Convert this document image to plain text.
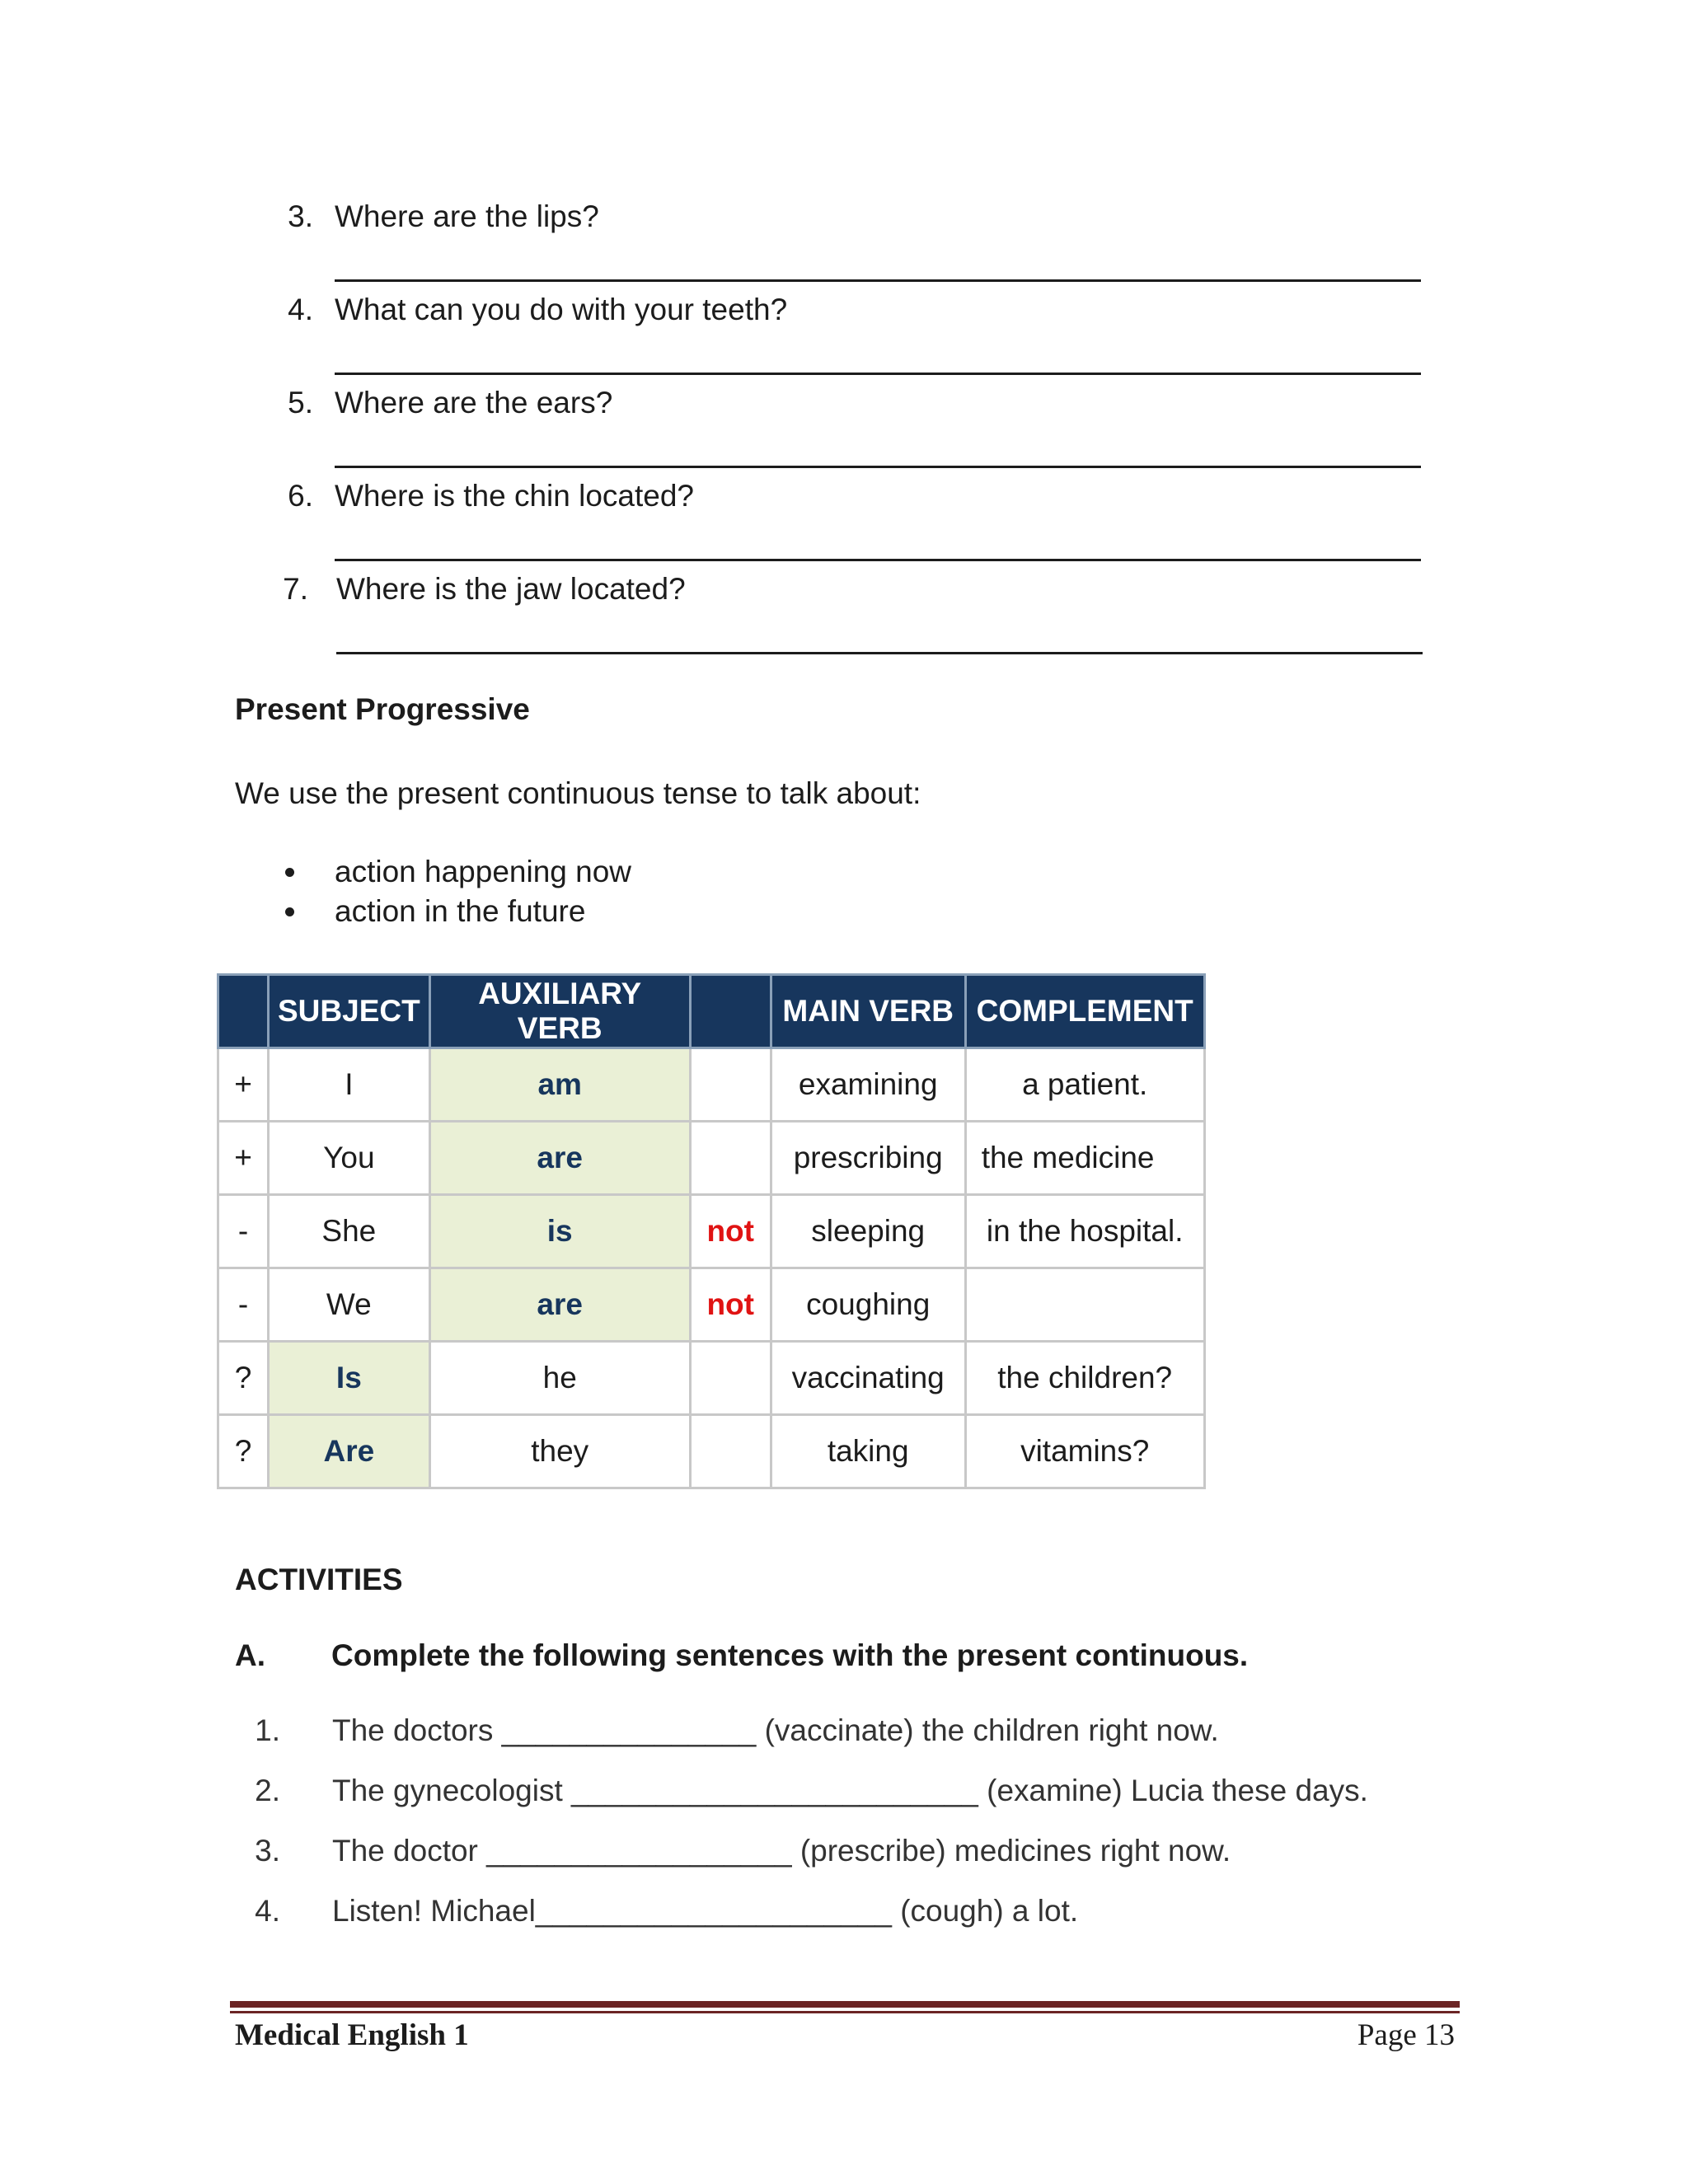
3. Where are the lips?
4. What can you do with your teeth?
5. Where are the ears?
6. Where is the chin located?
7. Where is the jaw located?
Present Progressive
We use the present continuous tense to talk about:
action happening now
action in the future
	SUBJECT	AUXILIARY VERB		MAIN VERB	COMPLEMENT
+	I	am		examining	a patient.
+	You	are		prescribing	the medicine
-	She	is	not	sleeping	in the hospital.
-	We	are	not	coughing	
?	Is	he		vaccinating	the children?
?	Are	they		taking	vitamins?
ACTIVITIES
A. Complete the following sentences with the present continuous.
1. The doctors _______________ (vaccinate) the children right now.
2. The gynecologist ________________________ (examine) Lucia these days.
3. The doctor __________________ (prescribe) medicines right now.
4. Listen! Michael_____________________ (cough) a lot.
Medical English 1	Page 13
